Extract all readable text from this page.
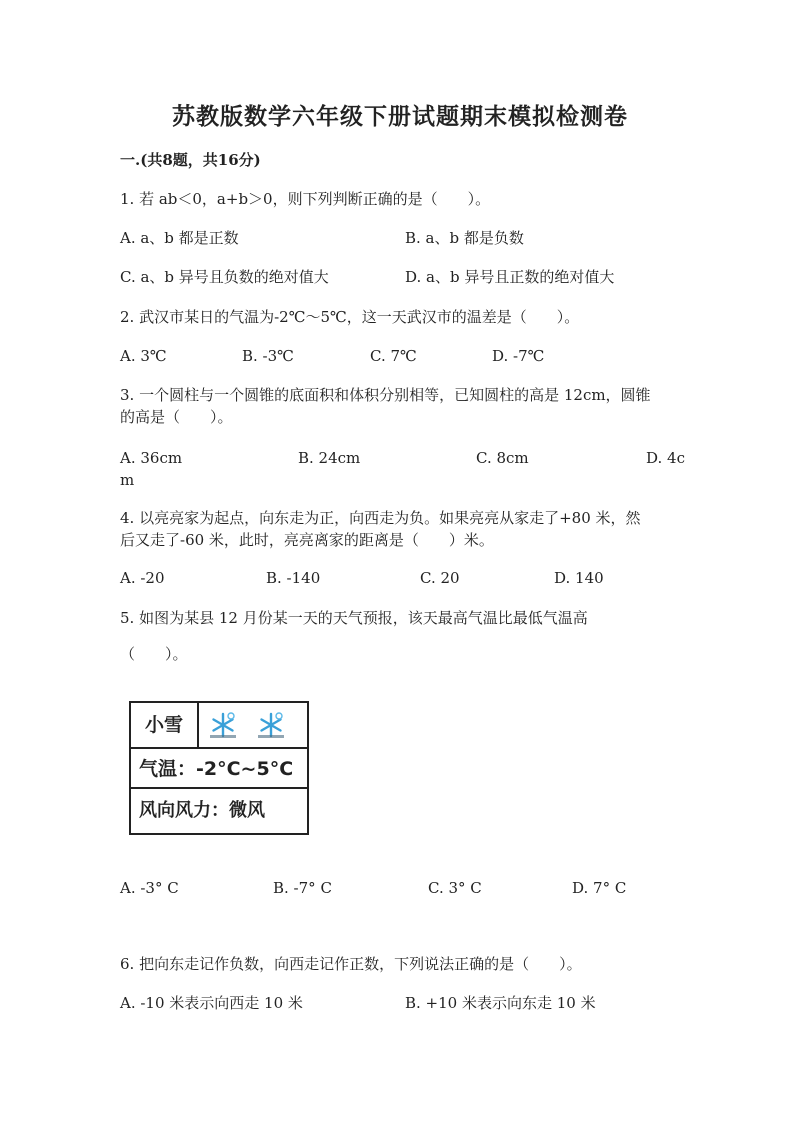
苏教版数学六年级下册试题期末模拟检测卷
一.(共8题，共16分)
1. 若 ab＜0，a+b＞0，则下列判断正确的是（　　）。
A. a、b 都是正数	B. a、b 都是负数
C. a、b 异号且负数的绝对值大	D. a、b 异号且正数的绝对值大
2. 武汉市某日的气温为-2℃～5℃，这一天武汉市的温差是（　　）。
A. 3℃	B. -3℃	C. 7℃	D. -7℃
3. 一个圆柱与一个圆锥的底面积和体积分别相等，已知圆柱的高是 12cm，圆锥
的高是（　　）。
A. 36cm	B. 24cm	C. 8cm	D. 4c
m
4. 以亮亮家为起点，向东走为正，向西走为负。如果亮亮从家走了+80 米，然
后又走了-60 米，此时，亮亮离家的距离是（　　）米。
A. -20	B. -140	C. 20	D. 140
5. 如图为某县 12 月份某一天的天气预报，该天最高气温比最低气温高
（　　）。
小雪
气温：-2°C~5°C
风向风力：微风
A. -3° C	B. -7° C	C. 3° C	D. 7° C
6. 把向东走记作负数，向西走记作正数，下列说法正确的是（　　）。
A. -10 米表示向西走 10 米	B. +10 米表示向东走 10 米
